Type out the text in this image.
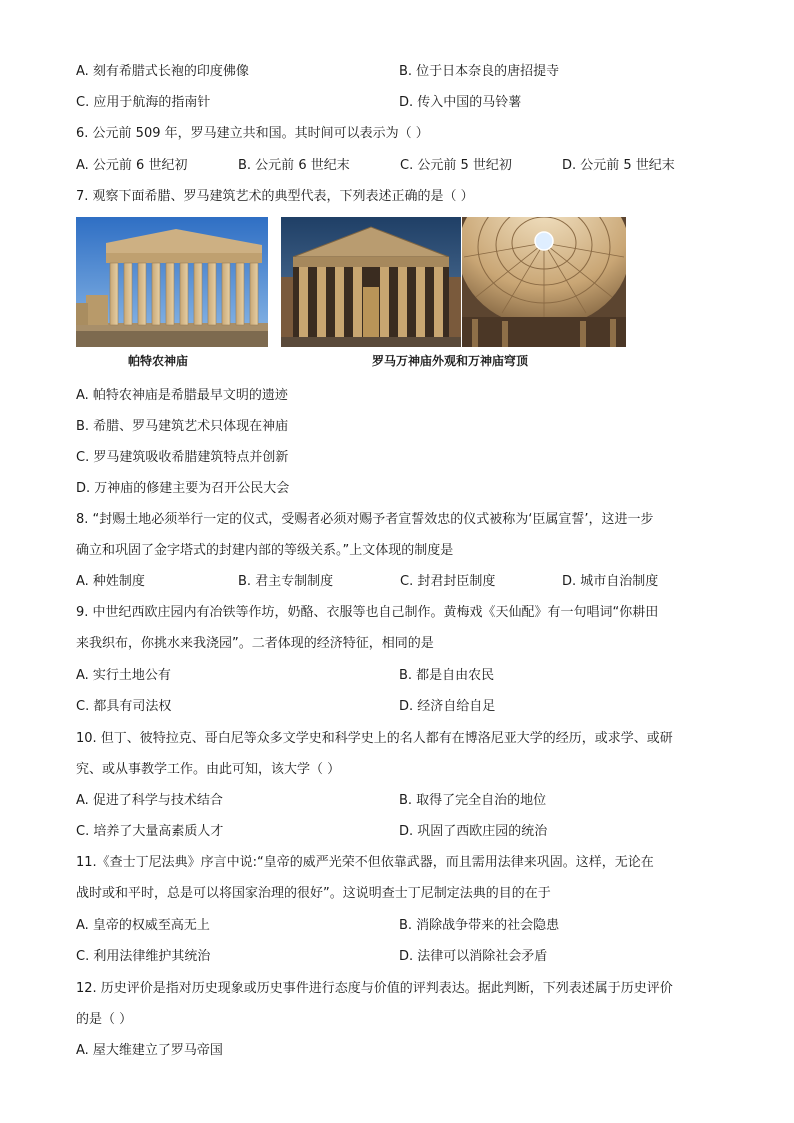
A. 刻有希腊式长袍的印度佛像	B. 位于日本奈良的唐招提寺
C. 应用于航海的指南针	D. 传入中国的马铃薯
6. 公元前 509 年，罗马建立共和国。其时间可以表示为（ ）
A. 公元前 6 世纪初	B. 公元前 6 世纪末	C. 公元前 5 世纪初	D. 公元前 5 世纪末
7. 观察下面希腊、罗马建筑艺术的典型代表，下列表述正确的是（ ）
帕特农神庙	罗马万神庙外观和万神庙穹顶
A. 帕特农神庙是希腊最早文明的遗迹
B. 希腊、罗马建筑艺术只体现在神庙
C. 罗马建筑吸收希腊建筑特点并创新
D. 万神庙的修建主要为召开公民大会
8. “封赐土地必须举行一定的仪式，受赐者必须对赐予者宣誓效忠的仪式被称为‘臣属宣誓’，这进一步
确立和巩固了金字塔式的封建内部的等级关系。”上文体现的制度是
A. 种姓制度	B. 君主专制制度	C. 封君封臣制度	D. 城市自治制度
9. 中世纪西欧庄园内有冶铁等作坊，奶酪、衣服等也自己制作。黄梅戏《天仙配》有一句唱词“你耕田
来我织布，你挑水来我浇园”。二者体现的经济特征，相同的是
A. 实行土地公有	B. 都是自由农民
C. 都具有司法权	D. 经济自给自足
10. 但丁、彼特拉克、哥白尼等众多文学史和科学史上的名人都有在博洛尼亚大学的经历，或求学、或研
究、或从事教学工作。由此可知，该大学（ ）
A. 促进了科学与技术结合	B. 取得了完全自治的地位
C. 培养了大量高素质人才	D. 巩固了西欧庄园的统治
11.《查士丁尼法典》序言中说:“皇帝的威严光荣不但依靠武器，而且需用法律来巩固。这样，无论在
战时或和平时，总是可以将国家治理的很好”。这说明查士丁尼制定法典的目的在于
A. 皇帝的权威至高无上	B. 消除战争带来的社会隐患
C. 利用法律维护其统治	D. 法律可以消除社会矛盾
12. 历史评价是指对历史现象或历史事件进行态度与价值的评判表达。据此判断，下列表述属于历史评价
的是（ ）
A. 屋大维建立了罗马帝国
